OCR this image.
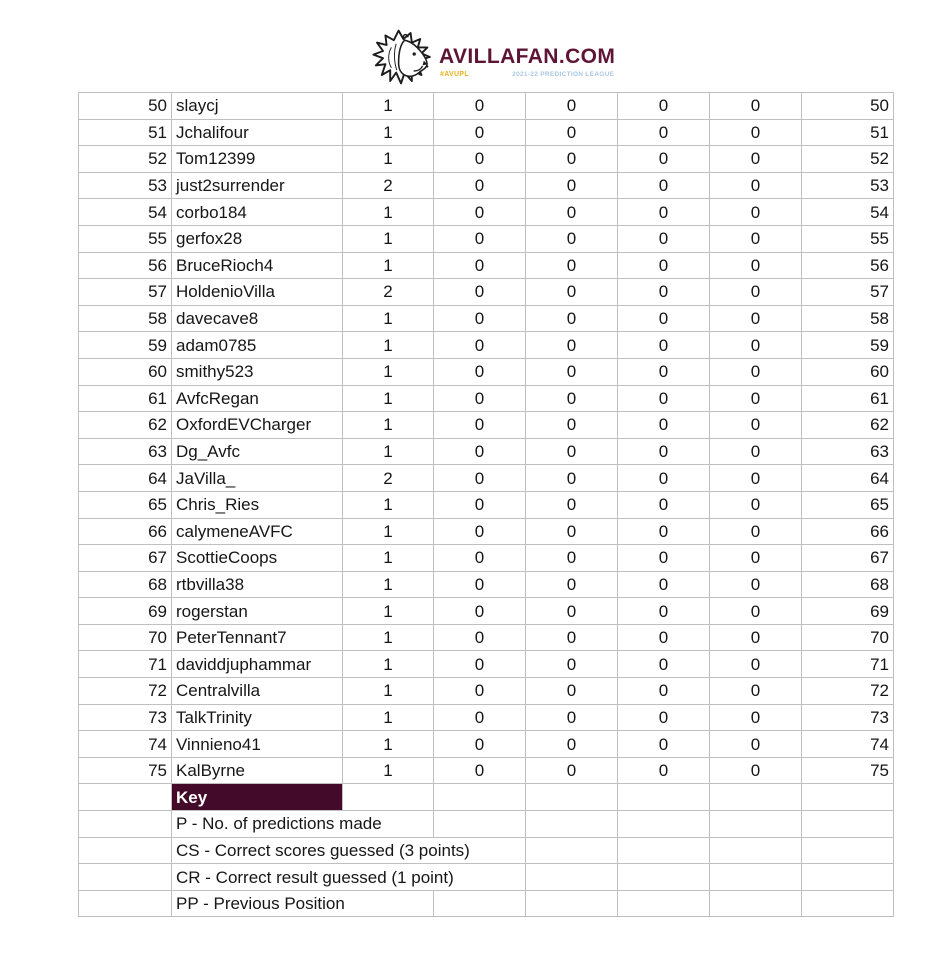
AVILLAFAN.COM
#AVUPL	2021-22 PREDICTION LEAGUE
50	slaycj	1	0	0	0	0	50
51	Jchalifour	1	0	0	0	0	51
52	Tom12399	1	0	0	0	0	52
53	just2surrender	2	0	0	0	0	53
54	corbo184	1	0	0	0	0	54
55	gerfox28	1	0	0	0	0	55
56	BruceRioch4	1	0	0	0	0	56
57	HoldenioVilla	2	0	0	0	0	57
58	davecave8	1	0	0	0	0	58
59	adam0785	1	0	0	0	0	59
60	smithy523	1	0	0	0	0	60
61	AvfcRegan	1	0	0	0	0	61
62	OxfordEVCharger	1	0	0	0	0	62
63	Dg_Avfc	1	0	0	0	0	63
64	JaVilla_	2	0	0	0	0	64
65	Chris_Ries	1	0	0	0	0	65
66	calymeneAVFC	1	0	0	0	0	66
67	ScottieCoops	1	0	0	0	0	67
68	rtbvilla38	1	0	0	0	0	68
69	rogerstan	1	0	0	0	0	69
70	PeterTennant7	1	0	0	0	0	70
71	daviddjuphammar	1	0	0	0	0	71
72	Centralvilla	1	0	0	0	0	72
73	TalkTrinity	1	0	0	0	0	73
74	Vinnieno41	1	0	0	0	0	74
75	KalByrne	1	0	0	0	0	75
	Key						
	P - No. of predictions made						
	CS - Correct scores guessed (3 points)						
	CR - Correct result guessed (1 point)						
	PP - Previous Position						
